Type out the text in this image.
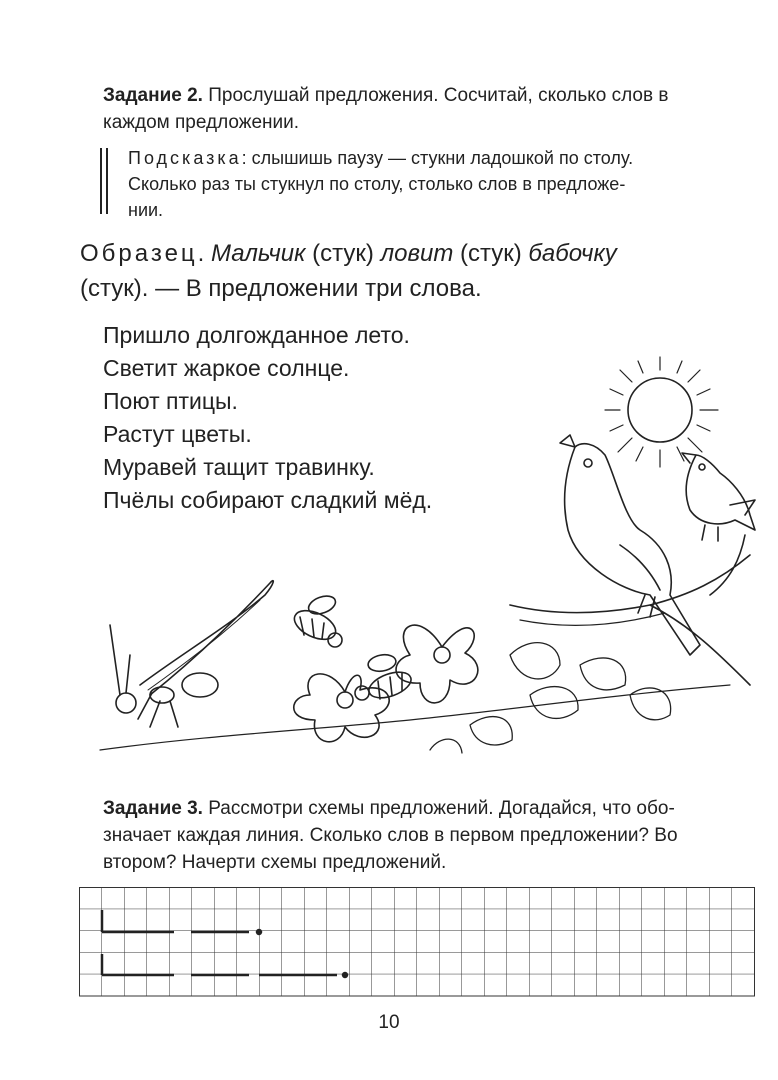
Задание 2. Прослушай предложения. Сосчитай, сколько слов в
каждом предложении.
Подсказка: слышишь паузу — стукни ладошкой по столу.
Сколько раз ты стукнул по столу, столько слов в предложе-
нии.
Образец. Мальчик (стук) ловит (стук) бабочку
(стук). — В предложении три слова.
Пришло долгожданное лето.
Светит жаркое солнце.
Поют птицы.
Растут цветы.
Муравей тащит травинку.
Пчёлы собирают сладкий мёд.
Задание 3. Рассмотри схемы предложений. Догадайся, что обо-
значает каждая линия. Сколько слов в первом предложении? Во
втором? Начерти схемы предложений.
10
